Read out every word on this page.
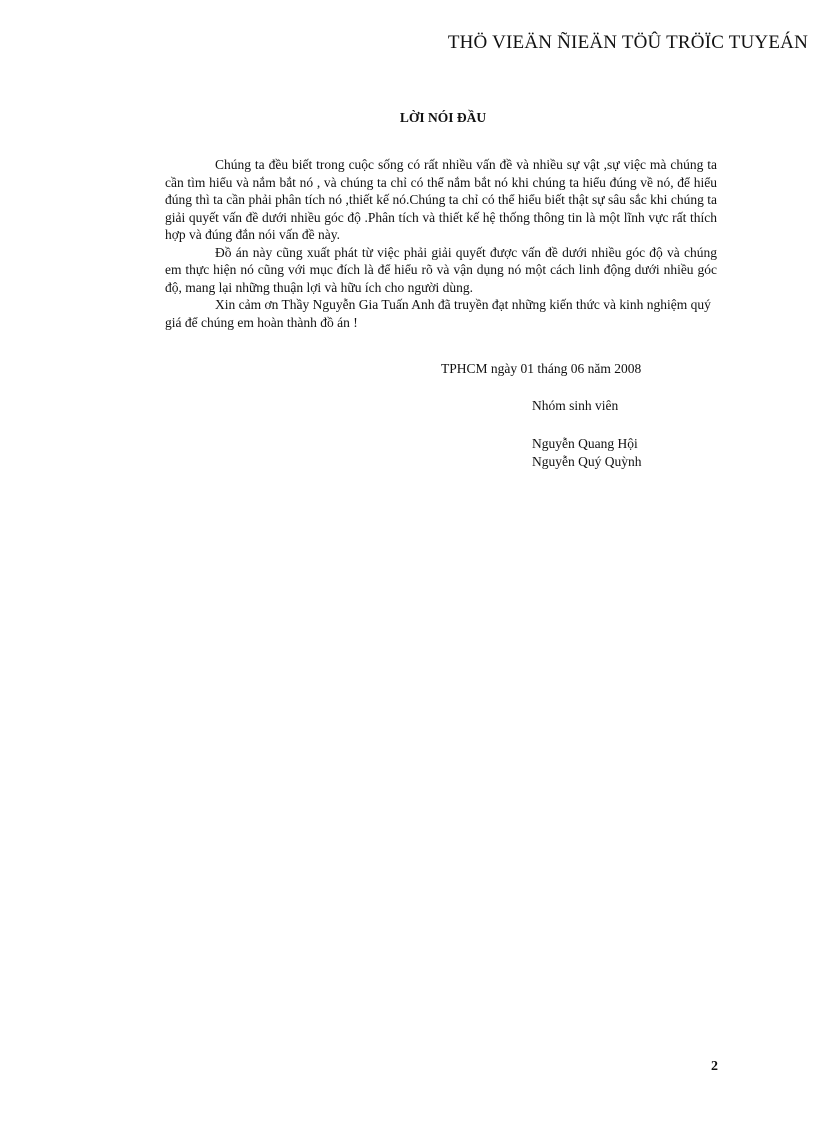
THÖ VIEÄN ÑIEÄN TÖÛ TRÖÏC TUYEÁN
LỜI NÓI ĐẦU

Chúng ta đều biết trong cuộc sống có rất nhiều vấn đề và nhiều sự vật ,sự việc mà chúng ta cần tìm hiểu và nắm bắt nó , và chúng ta chỉ có thể nắm bắt nó khi chúng ta hiểu đúng về nó, để hiểu đúng thì ta cần phải phân tích nó ,thiết kế nó.Chúng ta chỉ có thể hiểu biết thật sự sâu sắc khi chúng ta giải quyết vấn đề dưới nhiều góc độ .Phân tích và thiết kế hệ thống thông tin là một lĩnh vực rất thích hợp và đúng đắn nói vấn đề này.

Đồ án này cũng xuất phát từ việc phải giải quyết được vấn đề dưới nhiều góc độ và chúng em thực hiện nó cũng với mục đích là để hiểu rõ và vận dụng nó một cách linh động dưới nhiều góc độ, mang lại những thuận lợi và hữu ích cho người dùng.

Xin cảm ơn Thầy Nguyễn Gia Tuấn Anh đã truyền đạt những kiến thức và kinh nghiệm quý giá để chúng em hoàn thành đồ án !

TPHCM ngày 01 tháng 06 năm 2008
Nhóm sinh viên
Nguyễn Quang Hội
Nguyễn Quý Quỳnh
2
